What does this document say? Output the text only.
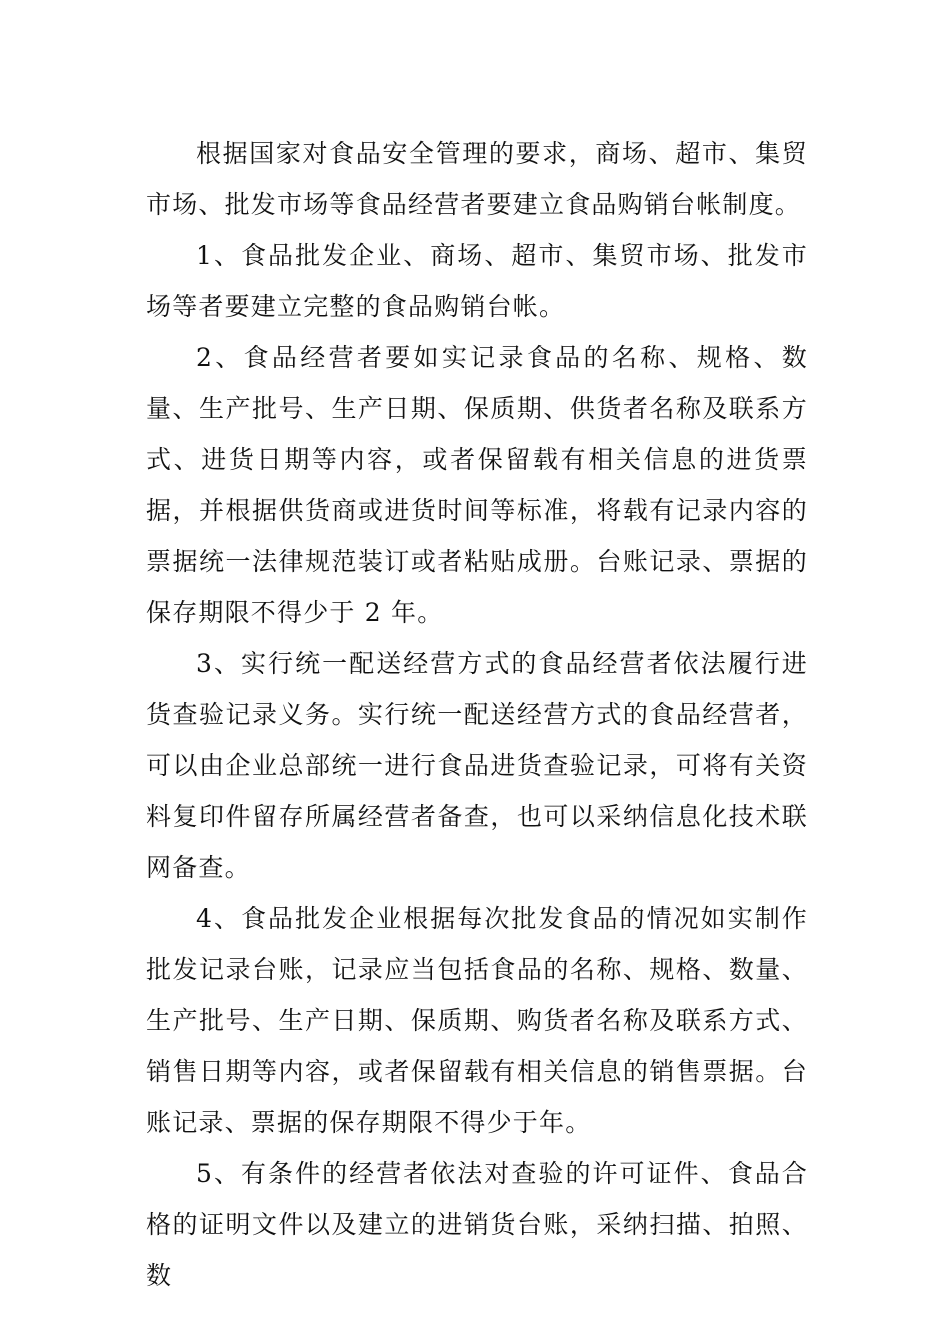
根据国家对食品安全管理的要求，商场、超市、集贸市场、批发市场等食品经营者要建立食品购销台帐制度。

1、食品批发企业、商场、超市、集贸市场、批发市场等者要建立完整的食品购销台帐。

2、食品经营者要如实记录食品的名称、规格、数量、生产批号、生产日期、保质期、供货者名称及联系方式、进货日期等内容，或者保留载有相关信息的进货票据，并根据供货商或进货时间等标准，将载有记录内容的票据统一法律规范装订或者粘贴成册。台账记录、票据的保存期限不得少于 2 年。

3、实行统一配送经营方式的食品经营者依法履行进货查验记录义务。实行统一配送经营方式的食品经营者，可以由企业总部统一进行食品进货查验记录，可将有关资料复印件留存所属经营者备查，也可以采纳信息化技术联网备查。

4、食品批发企业根据每次批发食品的情况如实制作批发记录台账，记录应当包括食品的名称、规格、数量、生产批号、生产日期、保质期、购货者名称及联系方式、销售日期等内容，或者保留载有相关信息的销售票据。台账记录、票据的保存期限不得少于年。

5、有条件的经营者依法对查验的许可证件、食品合格的证明文件以及建立的进销货台账，采纳扫描、拍照、数
